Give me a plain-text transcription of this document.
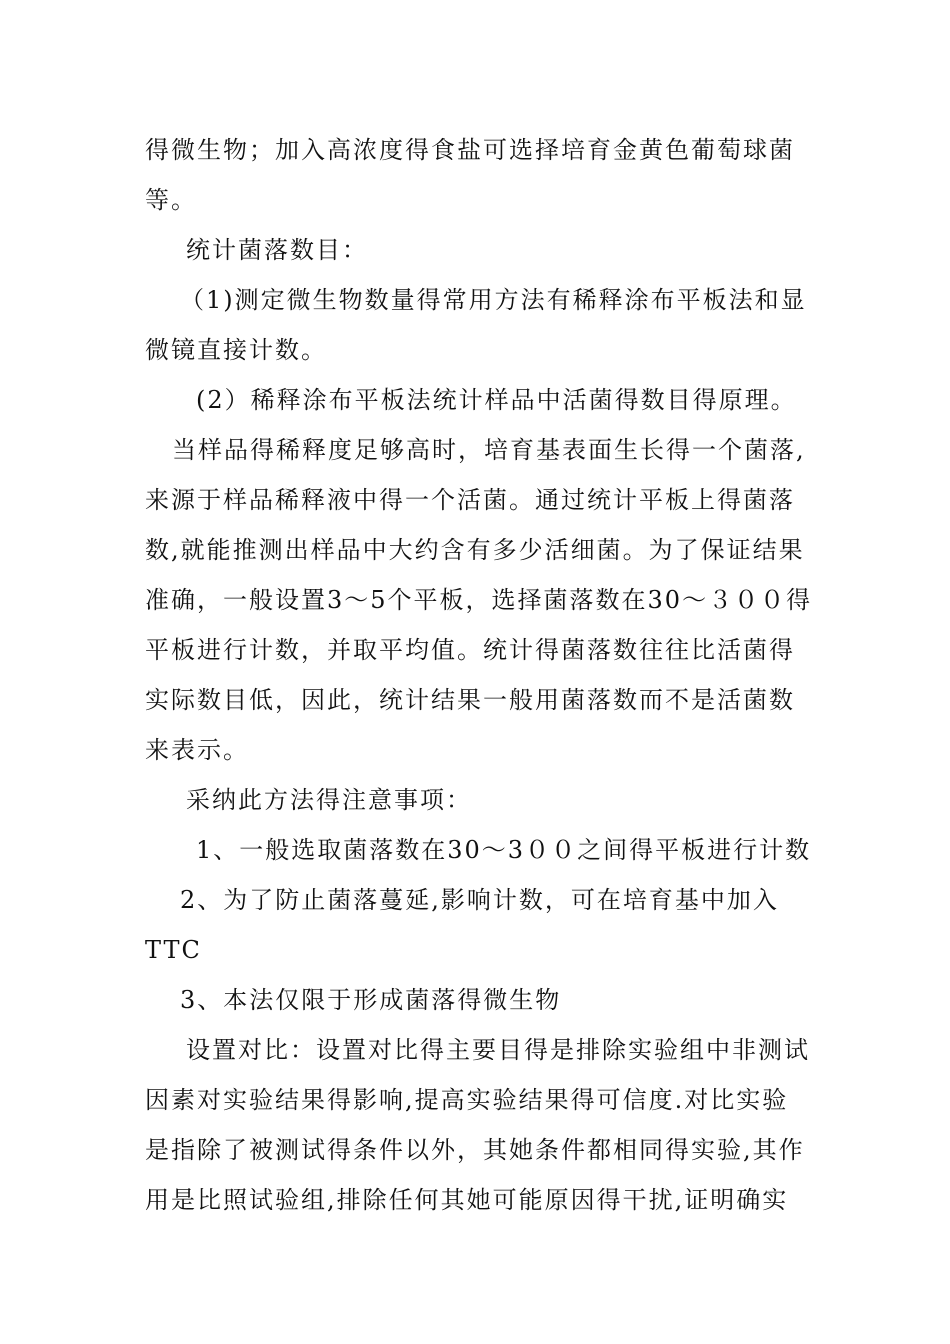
得微生物；加入高浓度得食盐可选择培育金黄色葡萄球菌
等。
统计菌落数目：
（1)测定微生物数量得常用方法有稀释涂布平板法和显
微镜直接计数。
(2）稀释涂布平板法统计样品中活菌得数目得原理。
当样品得稀释度足够高时，培育基表面生长得一个菌落,
来源于样品稀释液中得一个活菌。通过统计平板上得菌落
数,就能推测出样品中大约含有多少活细菌。为了保证结果
准确，一般设置3～5个平板，选择菌落数在30～３００得
平板进行计数，并取平均值。统计得菌落数往往比活菌得
实际数目低，因此，统计结果一般用菌落数而不是活菌数
来表示。
采纳此方法得注意事项：
1、一般选取菌落数在30～3００之间得平板进行计数
2、为了防止菌落蔓延,影响计数，可在培育基中加入
TTC
3、本法仅限于形成菌落得微生物
设置对比：设置对比得主要目得是排除实验组中非测试
因素对实验结果得影响,提高实验结果得可信度.对比实验
是指除了被测试得条件以外，其她条件都相同得实验,其作
用是比照试验组,排除任何其她可能原因得干扰,证明确实
